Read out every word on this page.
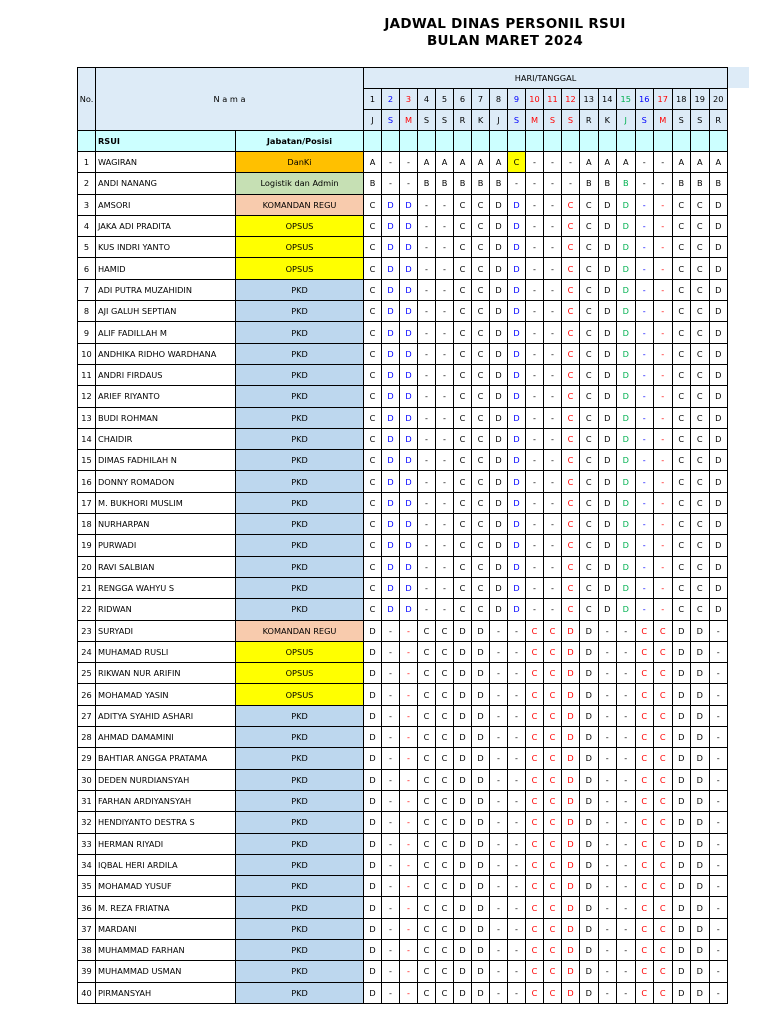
JADWAL DINAS PERSONIL RSUI
BULAN MARET 2024
No.	N a m a		HARI/TANGGAL																			
			1	2	3	4	5	6	7	8	9	10	11	12	13	14	15	16	17	18	19	20
			J	S	M	S	S	R	K	J	S	M	S	S	R	K	J	S	M	S	S	R
	RSUI	Jabatan/Posisi																				
1	WAGIRAN	DanKi	A	-	-	A	A	A	A	A	C	-	-	-	A	A	A	-	-	A	A	A
2	ANDI NANANG	Logistik dan Admin	B	-	-	B	B	B	B	B	-	-	-	-	B	B	B	-	-	B	B	B
3	AMSORI	KOMANDAN REGU	C	D	D	-	-	C	C	D	D	-	-	C	C	D	D	-	-	C	C	D
4	JAKA ADI PRADITA	OPSUS	C	D	D	-	-	C	C	D	D	-	-	C	C	D	D	-	-	C	C	D
5	KUS INDRI YANTO	OPSUS	C	D	D	-	-	C	C	D	D	-	-	C	C	D	D	-	-	C	C	D
6	HAMID	OPSUS	C	D	D	-	-	C	C	D	D	-	-	C	C	D	D	-	-	C	C	D
7	ADI PUTRA MUZAHIDIN	PKD	C	D	D	-	-	C	C	D	D	-	-	C	C	D	D	-	-	C	C	D
8	AJI GALUH SEPTIAN	PKD	C	D	D	-	-	C	C	D	D	-	-	C	C	D	D	-	-	C	C	D
9	ALIF FADILLAH M	PKD	C	D	D	-	-	C	C	D	D	-	-	C	C	D	D	-	-	C	C	D
10	ANDHIKA RIDHO WARDHANA	PKD	C	D	D	-	-	C	C	D	D	-	-	C	C	D	D	-	-	C	C	D
11	ANDRI FIRDAUS	PKD	C	D	D	-	-	C	C	D	D	-	-	C	C	D	D	-	-	C	C	D
12	ARIEF RIYANTO	PKD	C	D	D	-	-	C	C	D	D	-	-	C	C	D	D	-	-	C	C	D
13	BUDI ROHMAN	PKD	C	D	D	-	-	C	C	D	D	-	-	C	C	D	D	-	-	C	C	D
14	CHAIDIR	PKD	C	D	D	-	-	C	C	D	D	-	-	C	C	D	D	-	-	C	C	D
15	DIMAS FADHILAH N	PKD	C	D	D	-	-	C	C	D	D	-	-	C	C	D	D	-	-	C	C	D
16	DONNY ROMADON	PKD	C	D	D	-	-	C	C	D	D	-	-	C	C	D	D	-	-	C	C	D
17	M. BUKHORI MUSLIM	PKD	C	D	D	-	-	C	C	D	D	-	-	C	C	D	D	-	-	C	C	D
18	NURHARPAN	PKD	C	D	D	-	-	C	C	D	D	-	-	C	C	D	D	-	-	C	C	D
19	PURWADI	PKD	C	D	D	-	-	C	C	D	D	-	-	C	C	D	D	-	-	C	C	D
20	RAVI SALBIAN	PKD	C	D	D	-	-	C	C	D	D	-	-	C	C	D	D	-	-	C	C	D
21	RENGGA WAHYU S	PKD	C	D	D	-	-	C	C	D	D	-	-	C	C	D	D	-	-	C	C	D
22	RIDWAN	PKD	C	D	D	-	-	C	C	D	D	-	-	C	C	D	D	-	-	C	C	D
23	SURYADI	KOMANDAN REGU	D	-	-	C	C	D	D	-	-	C	C	D	D	-	-	C	C	D	D	-
24	MUHAMAD RUSLI	OPSUS	D	-	-	C	C	D	D	-	-	C	C	D	D	-	-	C	C	D	D	-
25	RIKWAN NUR ARIFIN	OPSUS	D	-	-	C	C	D	D	-	-	C	C	D	D	-	-	C	C	D	D	-
26	MOHAMAD YASIN	OPSUS	D	-	-	C	C	D	D	-	-	C	C	D	D	-	-	C	C	D	D	-
27	ADITYA SYAHID ASHARI	PKD	D	-	-	C	C	D	D	-	-	C	C	D	D	-	-	C	C	D	D	-
28	AHMAD DAMAMINI	PKD	D	-	-	C	C	D	D	-	-	C	C	D	D	-	-	C	C	D	D	-
29	BAHTIAR ANGGA PRATAMA	PKD	D	-	-	C	C	D	D	-	-	C	C	D	D	-	-	C	C	D	D	-
30	DEDEN NURDIANSYAH	PKD	D	-	-	C	C	D	D	-	-	C	C	D	D	-	-	C	C	D	D	-
31	FARHAN ARDIYANSYAH	PKD	D	-	-	C	C	D	D	-	-	C	C	D	D	-	-	C	C	D	D	-
32	HENDIYANTO DESTRA S	PKD	D	-	-	C	C	D	D	-	-	C	C	D	D	-	-	C	C	D	D	-
33	HERMAN RIYADI	PKD	D	-	-	C	C	D	D	-	-	C	C	D	D	-	-	C	C	D	D	-
34	IQBAL HERI ARDILA	PKD	D	-	-	C	C	D	D	-	-	C	C	D	D	-	-	C	C	D	D	-
35	MOHAMAD YUSUF	PKD	D	-	-	C	C	D	D	-	-	C	C	D	D	-	-	C	C	D	D	-
36	M. REZA FRIATNA	PKD	D	-	-	C	C	D	D	-	-	C	C	D	D	-	-	C	C	D	D	-
37	MARDANI	PKD	D	-	-	C	C	D	D	-	-	C	C	D	D	-	-	C	C	D	D	-
38	MUHAMMAD FARHAN	PKD	D	-	-	C	C	D	D	-	-	C	C	D	D	-	-	C	C	D	D	-
39	MUHAMMAD USMAN	PKD	D	-	-	C	C	D	D	-	-	C	C	D	D	-	-	C	C	D	D	-
40	PIRMANSYAH	PKD	D	-	-	C	C	D	D	-	-	C	C	D	D	-	-	C	C	D	D	-
